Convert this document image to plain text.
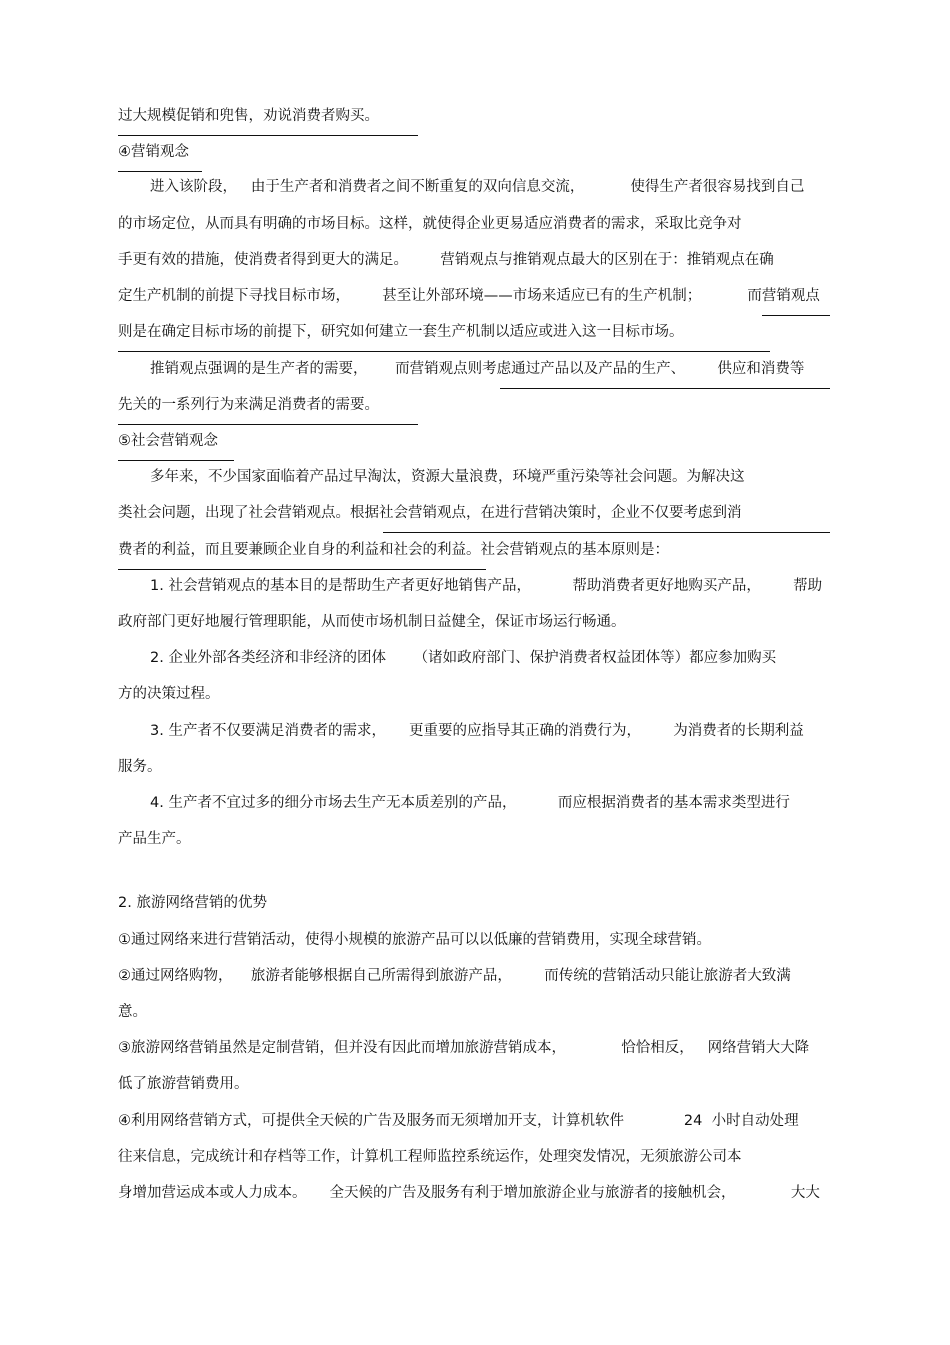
过大规模促销和兜售，劝说消费者购买。

④营销观念

进入该阶段，   由于生产者和消费者之间不断重复的双向信息交流，          使得生产者很容易找到自己

的市场定位，从而具有明确的市场目标。这样，就使得企业更易适应消费者的需求，采取比竞争对

手更有效的措施，使消费者得到更大的满足。       营销观点与推销观点最大的区别在于：推销观点在确

定生产机制的前提下寻找目标市场，       甚至让外部环境——市场来适应已有的生产机制；          而营销观点

则是在确定目标市场的前提下，研究如何建立一套生产机制以适应或进入这一目标市场。

推销观点强调的是生产者的需要，      而营销观点则考虑通过产品以及产品的生产、       供应和消费等

先关的一系列行为来满足消费者的需要。

⑤社会营销观念

多年来，不少国家面临着产品过早淘汰，资源大量浪费，环境严重污染等社会问题。为解决这

类社会问题，出现了社会营销观点。根据社会营销观点，在进行营销决策时，企业不仅要考虑到消

费者的利益，而且要兼顾企业自身的利益和社会的利益。社会营销观点的基本原则是：

1. 社会营销观点的基本目的是帮助生产者更好地销售产品，         帮助消费者更好地购买产品，       帮助

政府部门更好地履行管理职能，从而使市场机制日益健全，保证市场运行畅通。

2. 企业外部各类经济和非经济的团体      （诸如政府部门、保护消费者权益团体等）都应参加购买

方的决策过程。

3. 生产者不仅要满足消费者的需求，     更重要的应指导其正确的消费行为，       为消费者的长期利益

服务。

4. 生产者不宜过多的细分市场去生产无本质差别的产品，         而应根据消费者的基本需求类型进行

产品生产。

2. 旅游网络营销的优势

①通过网络来进行营销活动，使得小规模的旅游产品可以以低廉的营销费用，实现全球营销。

②通过网络购物，    旅游者能够根据自己所需得到旅游产品，       而传统的营销活动只能让旅游者大致满

意。

③旅游网络营销虽然是定制营销，但并没有因此而增加旅游营销成本，            恰恰相反，   网络营销大大降

低了旅游营销费用。

④利用网络营销方式，可提供全天候的广告及服务而无须增加开支，计算机软件             24  小时自动处理

往来信息，完成统计和存档等工作，计算机工程师监控系统运作，处理突发情况，无须旅游公司本

身增加营运成本或人力成本。     全天候的广告及服务有利于增加旅游企业与旅游者的接触机会，            大大
